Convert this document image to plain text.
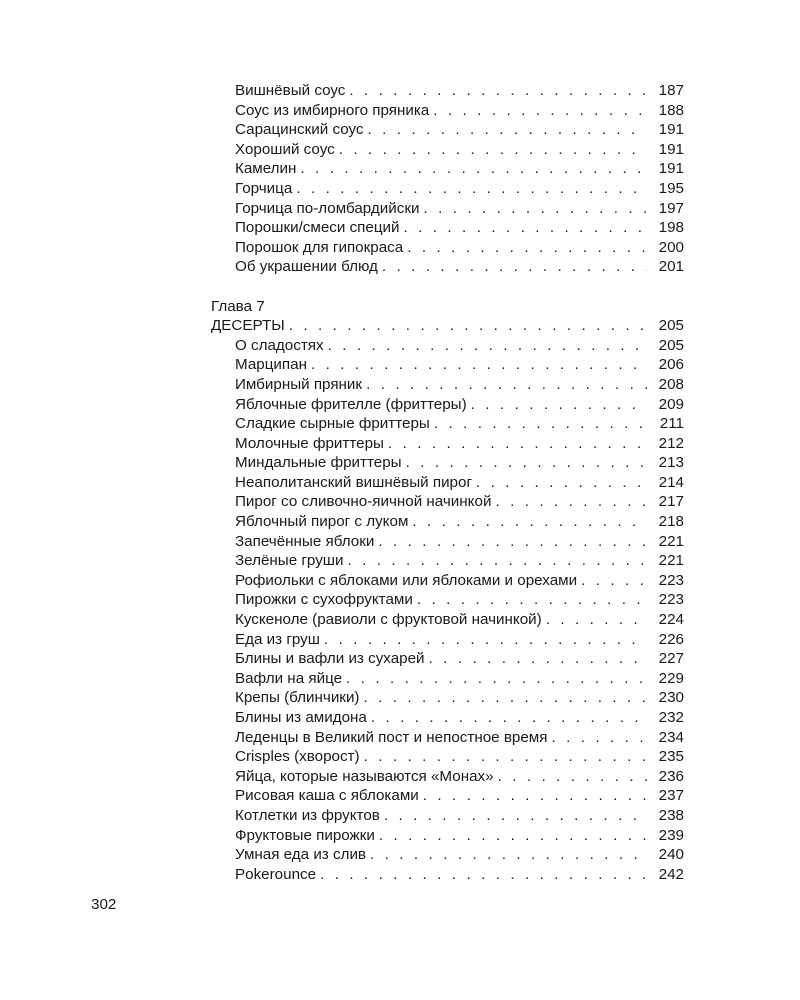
Вишнёвый соус . . .	187
Соус из имбирного пряника . . .	188
Сарацинский соус . . .	191
Хороший соус . . .	191
Камелин . . .	191
Горчица . . .	195
Горчица по-ломбардийски . . .	197
Порошки/смеси специй . . .	198
Порошок для гипокраса . . .	200
Об украшении блюд . . .	201
Глава 7
ДЕСЕРТЫ . . .	205
О сладостях . . .	205
Марципан . . .	206
Имбирный пряник . . .	208
Яблочные фрителле (фриттеры) . . .	209
Сладкие сырные фриттеры . . .	211
Молочные фриттеры . . .	212
Миндальные фриттеры . . .	213
Неаполитанский вишнёвый пирог . . .	214
Пирог со сливочно-яичной начинкой . . .	217
Яблочный пирог с луком . . .	218
Запечённые яблоки . . .	221
Зелёные груши . . .	221
Рофиольки с яблоками или яблоками и орехами . . .	223
Пирожки с сухофруктами . . .	223
Кускеноле (равиоли с фруктовой начинкой) . . .	224
Еда из груш . . .	226
Блины и вафли из сухарей . . .	227
Вафли на яйце . . .	229
Крепы (блинчики) . . .	230
Блины из амидона . . .	232
Леденцы в Великий пост и непостное время . . .	234
Crisples (хворост) . . .	235
Яйца, которые называются «Монах» . . .	236
Рисовая каша с яблоками . . .	237
Котлетки из фруктов . . .	238
Фруктовые пирожки . . .	239
Умная еда из слив . . .	240
Pokerounce . . .	242
302
